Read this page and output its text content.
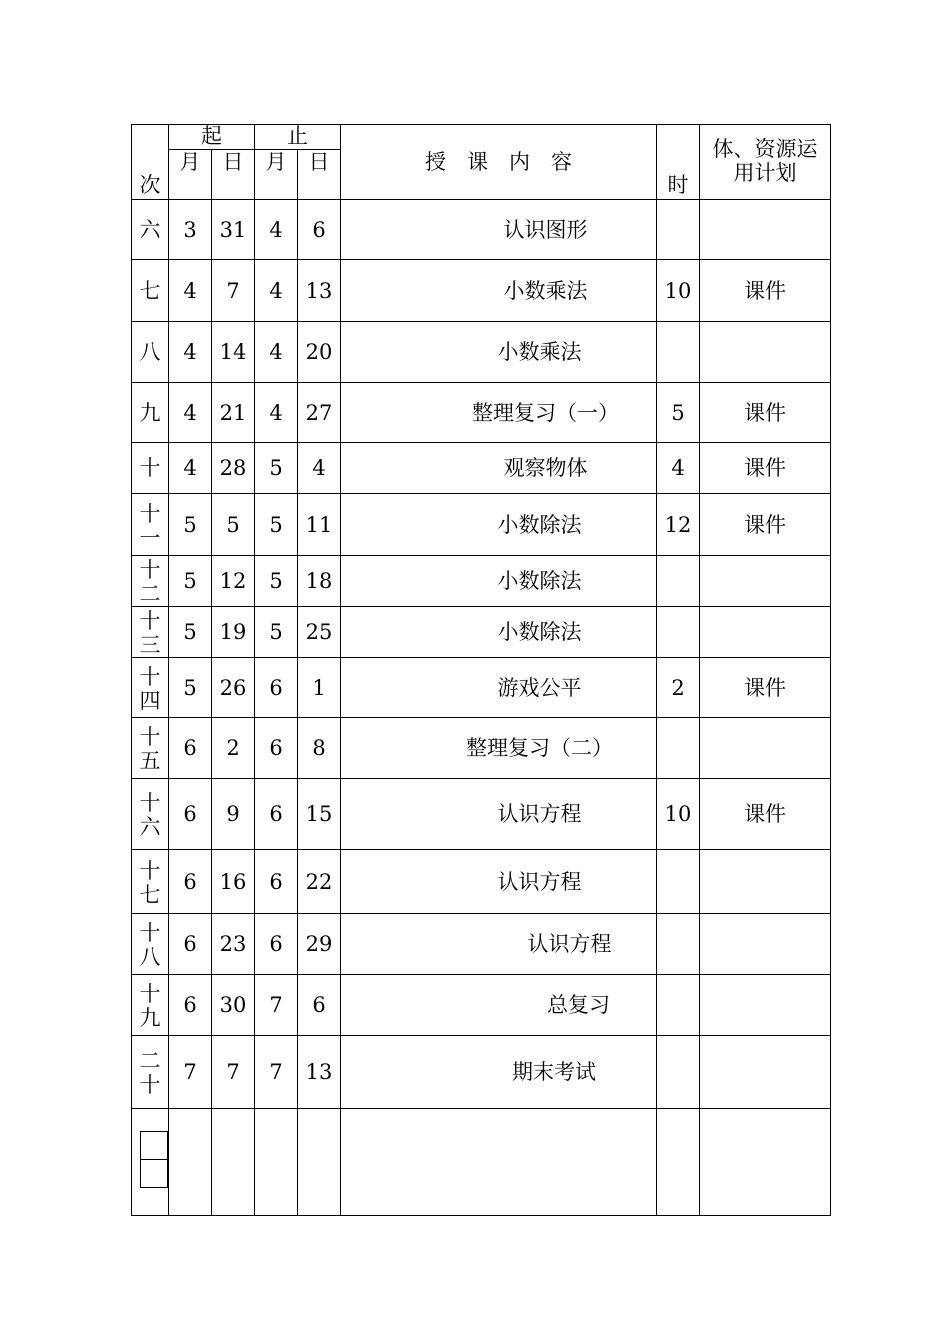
次	起		止		授　课　内　容	时	体、资源运用计划
	月	日	月	日			
六	3	31	4	6	认识图形		
七	4	7	4	13	小数乘法	10	课件
八	4	14	4	20	小数乘法		
九	4	21	4	27	整理复习（一）	5	课件
十	4	28	5	4	观察物体	4	课件
十一	5	5	5	11	小数除法	12	课件
十二	5	12	5	18	小数除法		
十三	5	19	5	25	小数除法		
十四	5	26	6	1	游戏公平	2	课件
十五	6	2	6	8	整理复习（二）		
十六	6	9	6	15	认识方程	10	课件
十七	6	16	6	22	认识方程		
十八	6	23	6	29	认识方程		
十九	6	30	7	6	总复习		
二十	7	7	7	13	期末考试		
